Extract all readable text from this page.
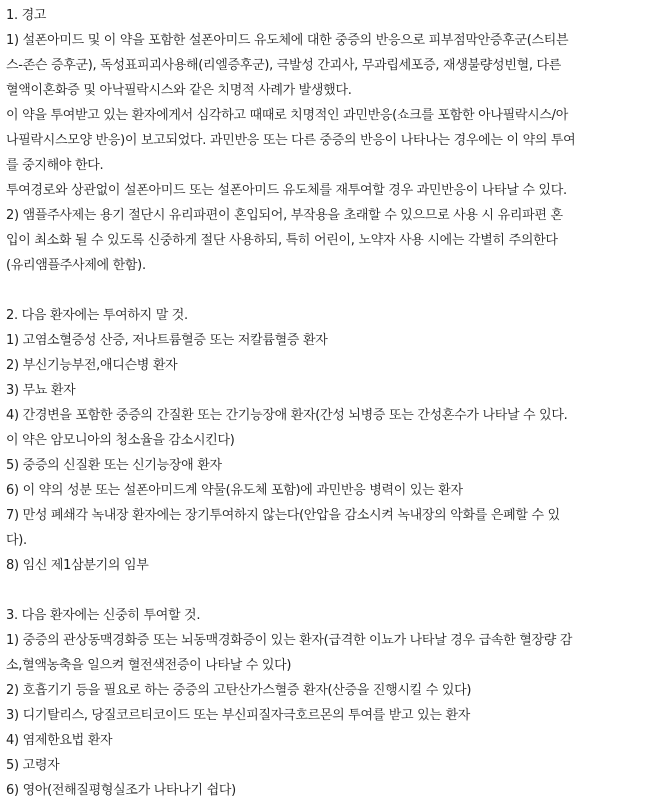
1. 경고
1) 설폰아미드 및 이 약을 포함한 설폰아미드 유도체에 대한 중증의 반응으로 피부점막안증후군(스티븐
스-존슨 증후군), 독성표피괴사용해(리엘증후군), 극발성 간괴사, 무과립세포증, 재생불량성빈혈, 다른
혈액이혼화증 및 아낙필락시스와 같은 치명적 사례가 발생했다.
이 약을 투여받고 있는 환자에게서 심각하고 때때로 치명적인 과민반응(쇼크를 포함한 아나필락시스/아
나필락시스모양 반응)이 보고되었다. 과민반응 또는 다른 중증의 반응이 나타나는 경우에는 이 약의 투여
를 중지해야 한다.
투여경로와 상관없이 설폰아미드 또는 설폰아미드 유도체를 재투여할 경우 과민반응이 나타날 수 있다.
2) 앰플주사제는 용기 절단시 유리파편이 혼입되어, 부작용을 초래할 수 있으므로 사용 시 유리파편 혼
입이 최소화 될 수 있도록 신중하게 절단 사용하되, 특히 어린이, 노약자 사용 시에는 각별히 주의한다
(유리앰플주사제에 한함).
2. 다음 환자에는 투여하지 말 것.
1) 고염소혈증성 산증, 저나트륨혈증 또는 저칼륨혈증 환자
2) 부신기능부전,애디슨병 환자
3) 무뇨 환자
4) 간경변을 포함한 중증의 간질환 또는 간기능장애 환자(간성 뇌병증 또는 간성혼수가 나타날 수 있다.
이 약은 암모니아의 청소율을 감소시킨다)
5) 중증의 신질환 또는 신기능장애 환자
6) 이 약의 성분 또는 설폰아미드계 약물(유도체 포함)에 과민반응 병력이 있는 환자
7) 만성 폐쇄각 녹내장 환자에는 장기투여하지 않는다(안압을 감소시켜 녹내장의 악화를 은폐할 수 있
다).
8) 임신 제1삼분기의 임부
3. 다음 환자에는 신중히 투여할 것.
1) 중증의 관상동맥경화증 또는 뇌동맥경화증이 있는 환자(급격한 이뇨가 나타날 경우 급속한 혈장량 감
소,혈액농축을 일으켜 혈전색전증이 나타날 수 있다)
2) 호흡기기 등을 필요로 하는 중증의 고탄산가스혈증 환자(산증을 진행시킬 수 있다)
3) 디기탈리스, 당질코르티코이드 또는 부신피질자극호르몬의 투여를 받고 있는 환자
4) 염제한요법 환자
5) 고령자
6) 영아(전해질평형실조가 나타나기 쉽다)
